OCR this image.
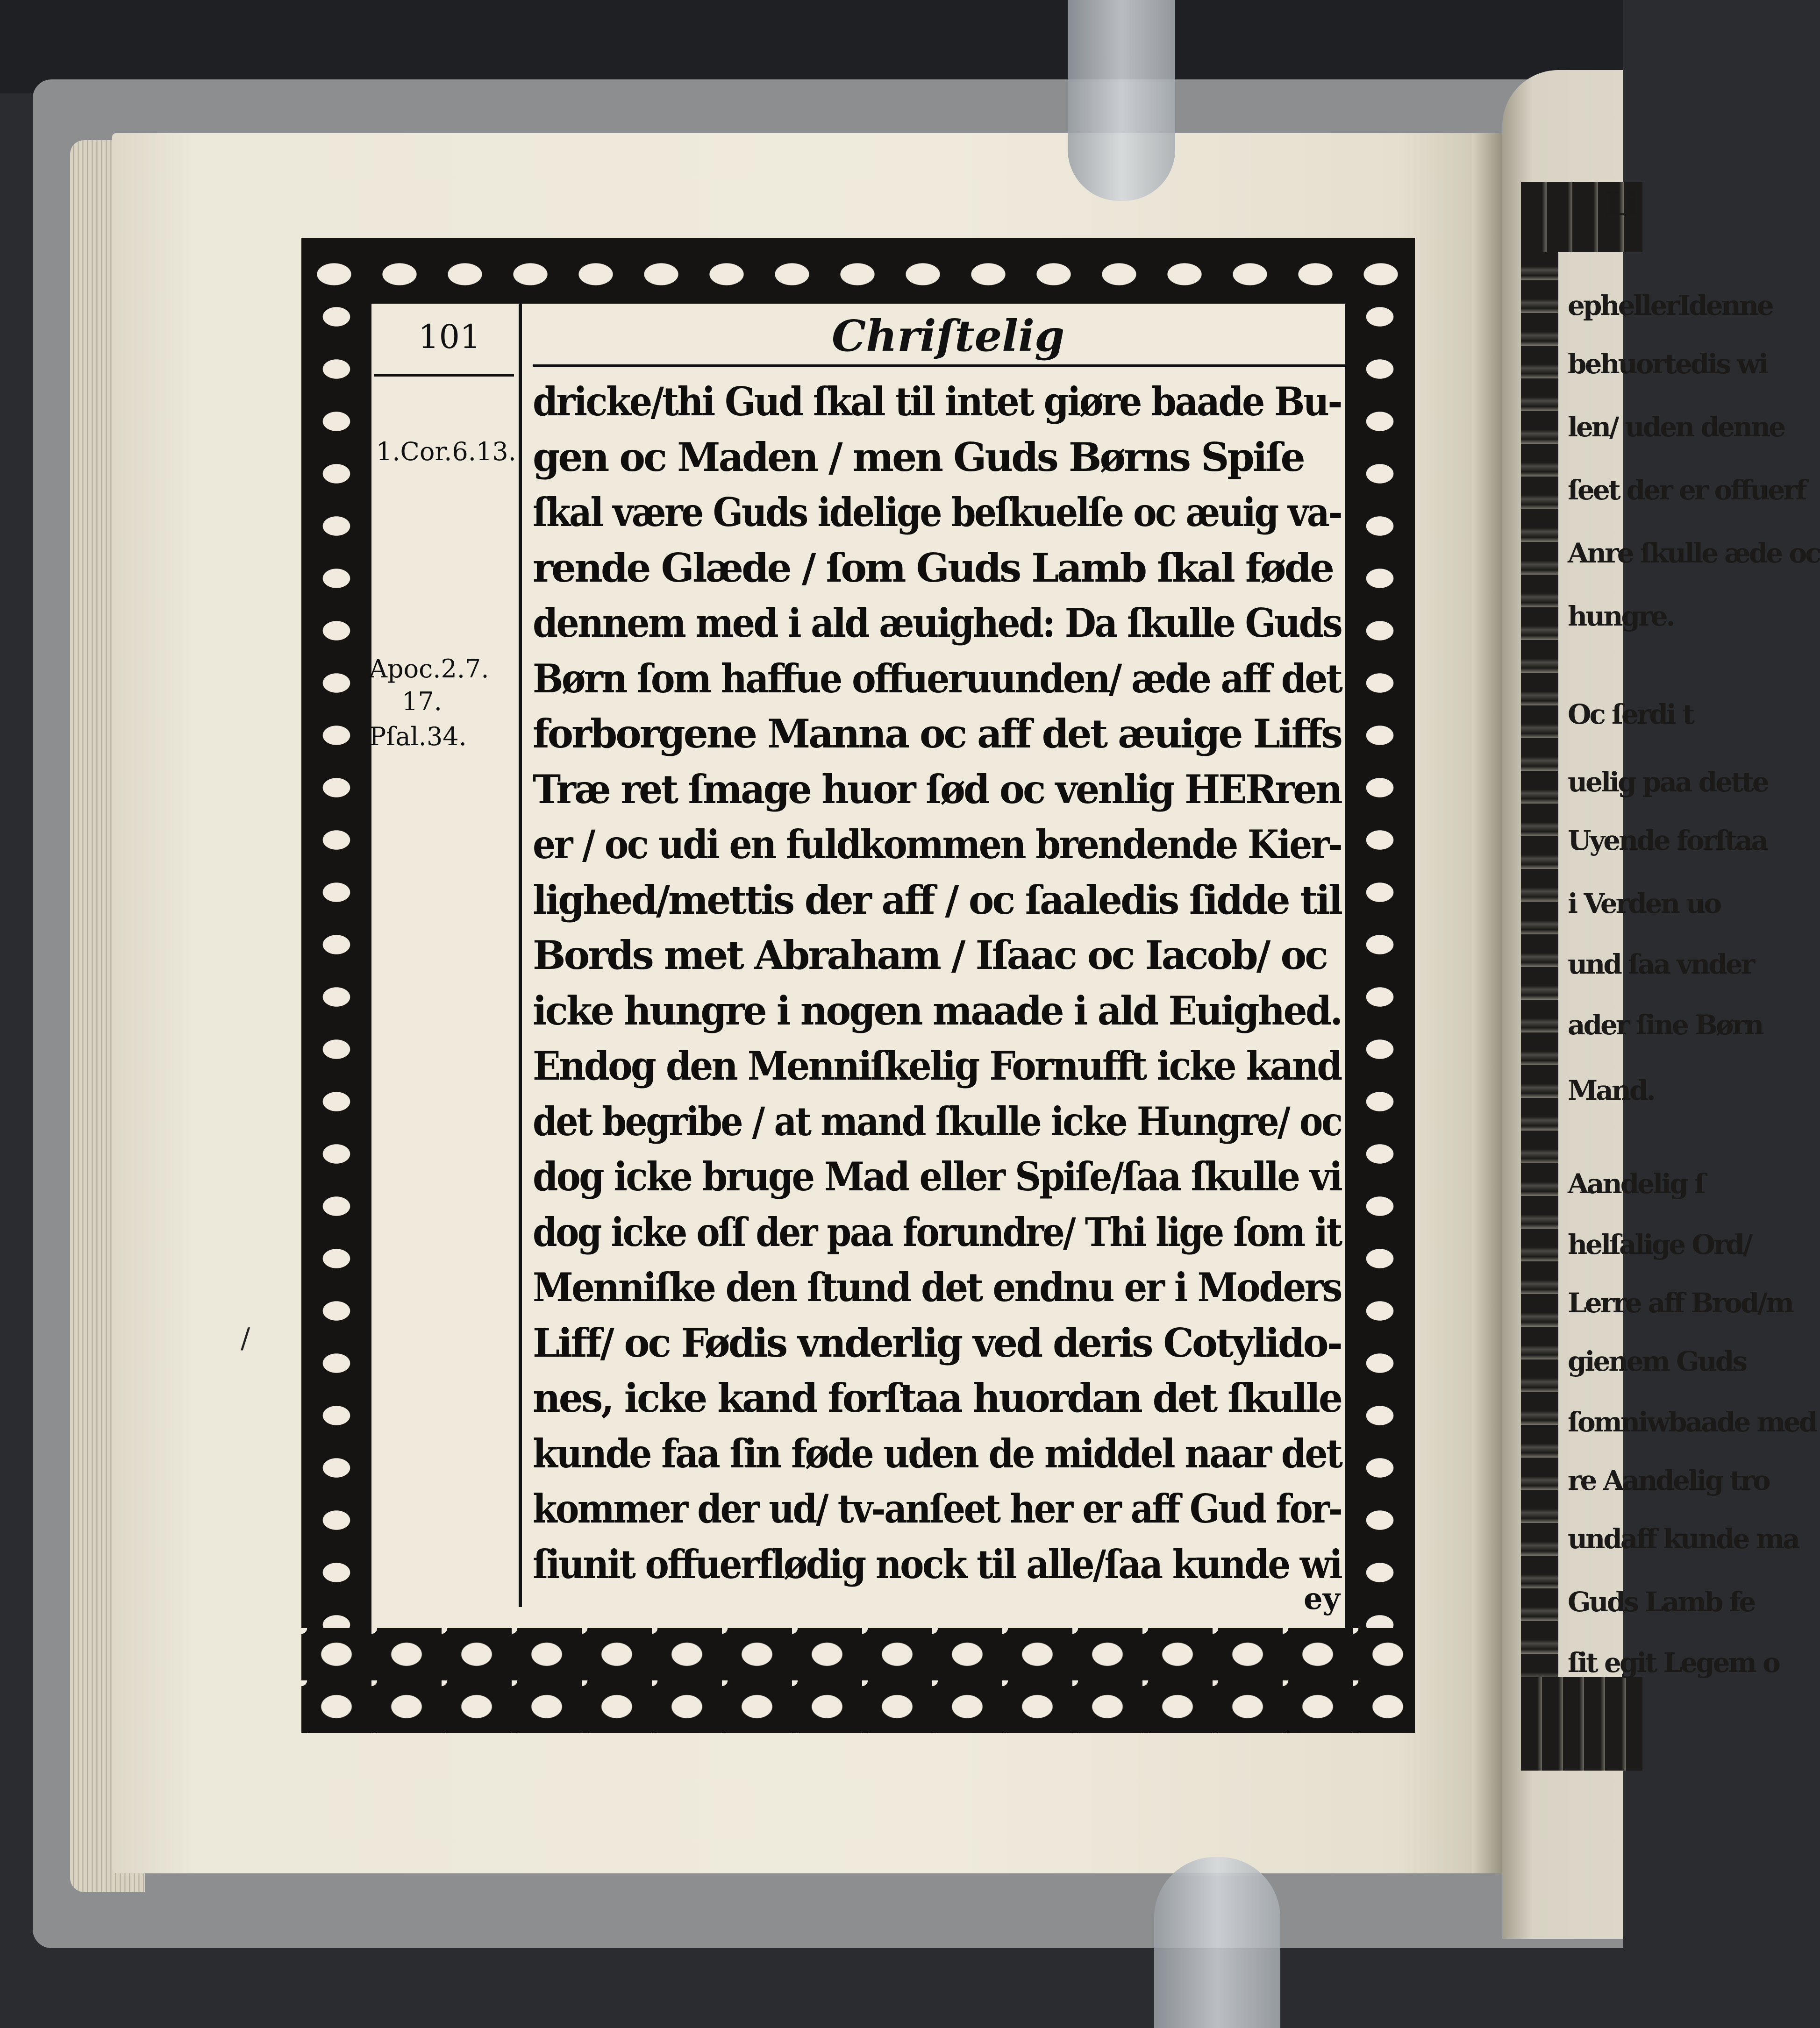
Li
ephellerIdenne
behuortedis wi
len/ uden denne
ſeet der er offuerf
Anre ſkulle æde oc
hungre.
Oc ſerdi t
uelig paa dette
Uyende forſtaa
i Verden uo
und ſaa vnder
ader ſine Børn
Mand.
Aandelig ſ
helſalige Ord/
Lerre aff Brod/m
gienem Guds
ſomniwbaade med
re Aandelig tro
undaff kunde ma
Guds Lamb fe
ſit egit Legem o
101	Chriſtelig
1.Cor.6.13.
Apoc.2.7.
17.
Pſal.34.
dricke/thi Gud ſkal til intet giøre baade Bu-
gen oc Maden / men Guds Børns Spiſe
ſkal være Guds idelige beſkuelſe oc æuig va-
rende Glæde / ſom Guds Lamb ſkal føde
dennem med i ald æuighed: Da ſkulle Guds
Børn ſom haffue offueruunden/ æde aff det
forborgene Manna oc aff det æuige Liffs
Træ ret ſmage huor ſød oc venlig HERren
er / oc udi en fuldkommen brendende Kier-
lighed/mettis der aff / oc ſaaledis ſidde til
Bords met Abraham / Iſaac oc Iacob/ oc
icke hungre i nogen maade i ald Euighed.
Endog den Menniſkelig Fornufft icke kand
det begribe / at mand ſkulle icke Hungre/ oc
dog icke bruge Mad eller Spiſe/ſaa ſkulle vi
dog icke oſſ der paa forundre/ Thi lige ſom it
Menniſke den ſtund det endnu er i Moders
Liff/ oc Fødis vnderlig ved deris Cotylido-
nes, icke kand forſtaa huordan det ſkulle
kunde faa ſin føde uden de middel naar det
kommer der ud/ tv-anſeet her er aff Gud for-
ſiunit offuerflødig nock til alle/ſaa kunde wi
ey
/
